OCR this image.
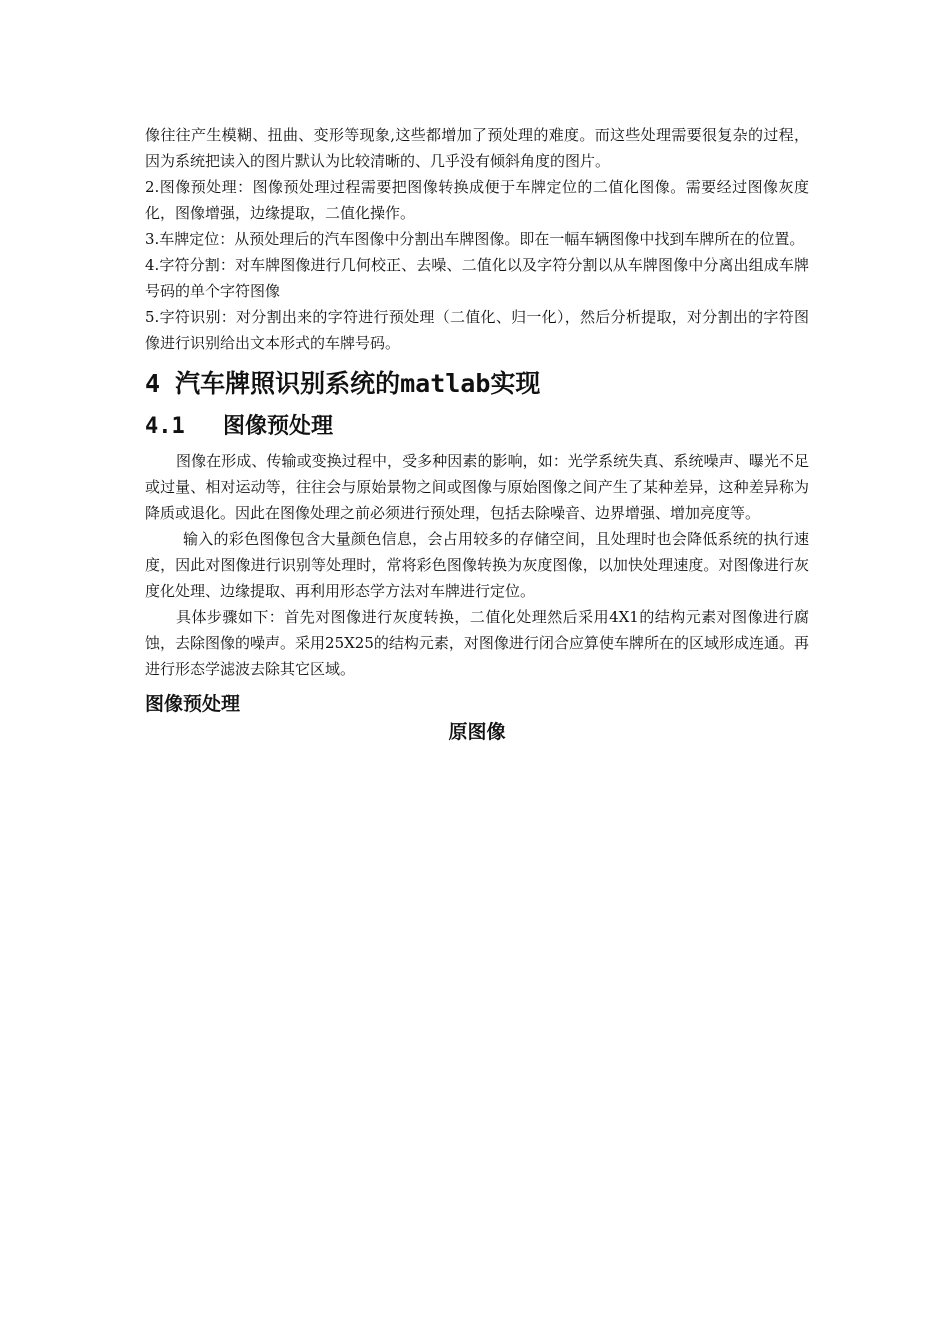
像往往产生模糊、扭曲、变形等现象,这些都增加了预处理的难度。而这些处理需要很复杂的过程，因为系统把读入的图片默认为比较清晰的、几乎没有倾斜角度的图片。

2.图像预处理：图像预处理过程需要把图像转换成便于车牌定位的二值化图像。需要经过图像灰度化，图像增强，边缘提取，二值化操作。

3.车牌定位：从预处理后的汽车图像中分割出车牌图像。即在一幅车辆图像中找到车牌所在的位置。

4.字符分割：对车牌图像进行几何校正、去噪、二值化以及字符分割以从车牌图像中分离出组成车牌号码的单个字符图像

5.字符识别：对分割出来的字符进行预处理（二值化、归一化），然后分析提取，对分割出的字符图像进行识别给出文本形式的车牌号码。

4 汽车牌照识别系统的matlab实现
4.1 图像预处理

图像在形成、传输或变换过程中，受多种因素的影响，如：光学系统失真、系统噪声、曝光不足或过量、相对运动等，往往会与原始景物之间或图像与原始图像之间产生了某种差异，这种差异称为降质或退化。因此在图像处理之前必须进行预处理，包括去除噪音、边界增强、增加亮度等。

输入的彩色图像包含大量颜色信息，会占用较多的存储空间，且处理时也会降低系统的执行速度，因此对图像进行识别等处理时，常将彩色图像转换为灰度图像，以加快处理速度。对图像进行灰度化处理、边缘提取、再利用形态学方法对车牌进行定位。

具体步骤如下：首先对图像进行灰度转换，二值化处理然后采用4X1的结构元素对图像进行腐蚀，去除图像的噪声。采用25X25的结构元素，对图像进行闭合应算使车牌所在的区域形成连通。再进行形态学滤波去除其它区域。

图像预处理
原图像
